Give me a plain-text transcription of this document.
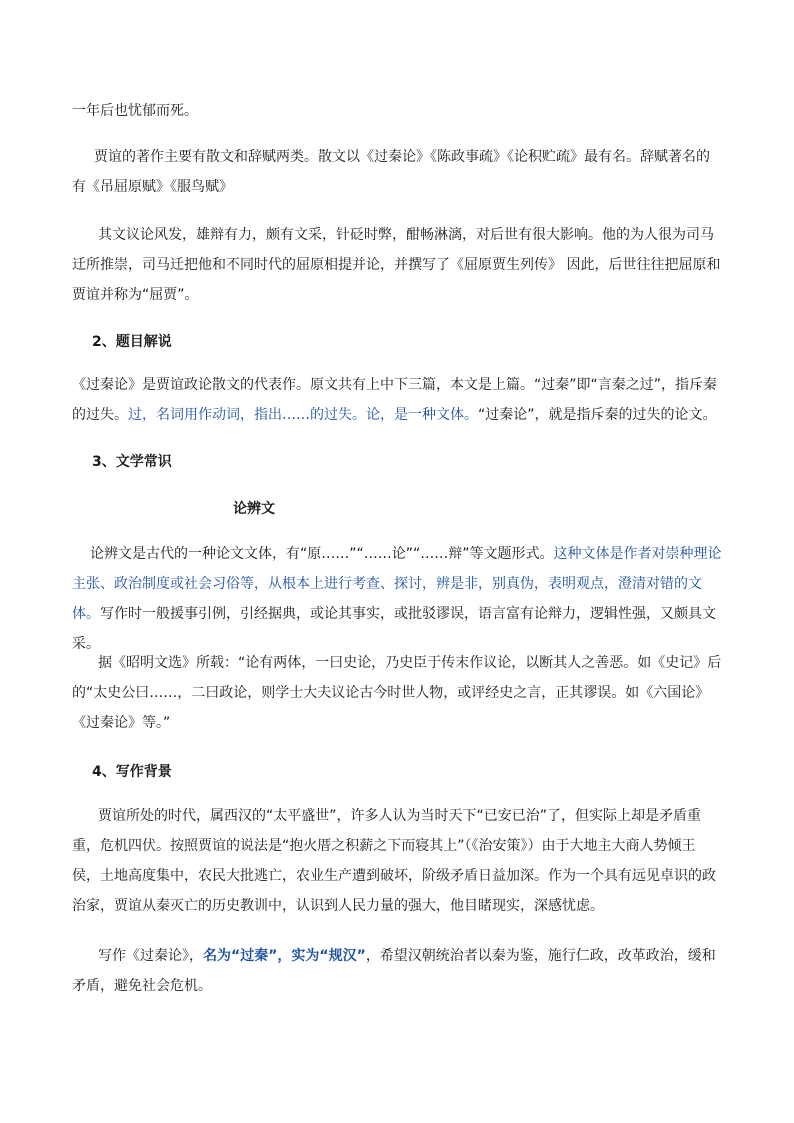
一年后也忧郁而死。

贾谊的著作主要有散文和辞赋两类。散文以《过秦论》《陈政事疏》《论积贮疏》最有名。辞赋著名的有《吊屈原赋》《服鸟赋》

其文议论风发，雄辩有力，颇有文采，针砭时弊，酣畅淋漓，对后世有很大影响。他的为人很为司马迁所推崇，司马迁把他和不同时代的屈原相提并论，并撰写了《屈原贾生列传》 因此，后世往往把屈原和贾谊并称为“屈贾”。

2、题目解说

《过秦论》是贾谊政论散文的代表作。原文共有上中下三篇，本文是上篇。“过秦”即“言秦之过”，指斥秦的过失。过，名词用作动词，指出……的过失。论，是一种文体。“过秦论”，就是指斥秦的过失的论文。

3、文学常识
论辨文

论辨文是古代的一种论文文体，有“原……”“……论”“……辩”等文题形式。这种文体是作者对崇种理论主张、政治制度或社会习俗等，从根本上进行考查、探讨，辨是非，别真伪，表明观点，澄清对错的文体。写作时一般援事引例，引经据典，或论其事实，或批驳谬误，语言富有论辩力，逻辑性强，又颇具文采。

据《昭明文选》所载：“论有两体，一曰史论，乃史臣于传末作议论，以断其人之善恶。如《史记》后的“太史公曰……，二曰政论，则学士大夫议论古今时世人物，或评经史之言，正其谬误。如《六国论》《过秦论》等。”

4、写作背景

贾谊所处的时代，属西汉的“太平盛世”，许多人认为当时天下“已安已治”了，但实际上却是矛盾重重，危机四伏。按照贾谊的说法是“抱火厝之积薪之下而寝其上”（《治安策》）由于大地主大商人势倾王侯，土地高度集中，农民大批逃亡，农业生产遭到破坏，阶级矛盾日益加深。作为一个具有远见卓识的政治家，贾谊从秦灭亡的历史教训中，认识到人民力量的强大，他目睹现实，深感忧虑。

写作《过秦论》，名为“过秦”，实为“规汉”，希望汉朝统治者以秦为鉴，施行仁政，改革政治，缓和矛盾，避免社会危机。
